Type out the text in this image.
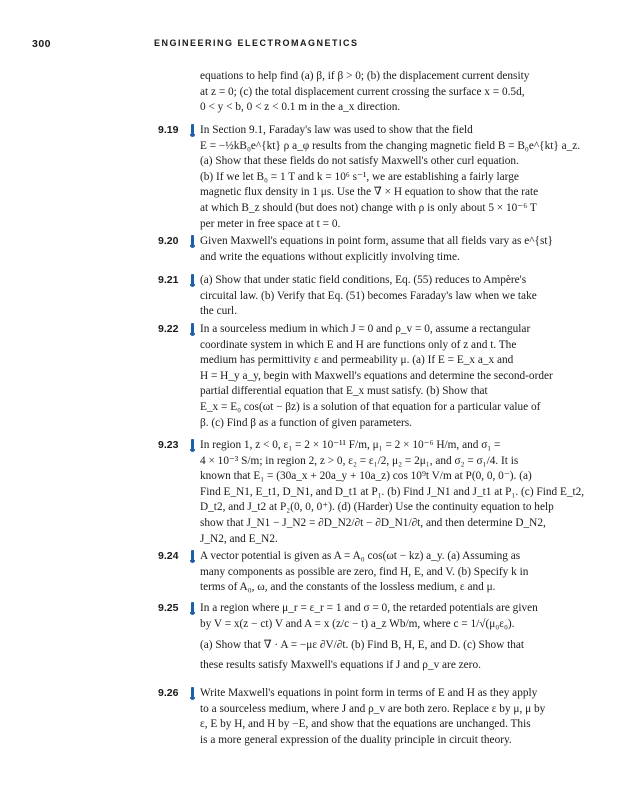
300	ENGINEERING ELECTROMAGNETICS
equations to help find (a) β, if β > 0; (b) the displacement current density
at z = 0; (c) the total displacement current crossing the surface x = 0.5d,
0 < y < b, 0 < z < 0.1 m in the a_x direction.
9.19	In Section 9.1, Faraday's law was used to show that the field
E = −½kB₀e^{kt} ρ a_φ results from the changing magnetic field B = B₀e^{kt} a_z.
(a) Show that these fields do not satisfy Maxwell's other curl equation.
(b) If we let B₀ = 1 T and k = 10⁶ s⁻¹, we are establishing a fairly large
magnetic flux density in 1 μs. Use the ∇ × H equation to show that the rate
at which B_z should (but does not) change with ρ is only about 5 × 10⁻⁶ T
per meter in free space at t = 0.
9.20	Given Maxwell's equations in point form, assume that all fields vary as e^{st}
and write the equations without explicitly involving time.
9.21	(a) Show that under static field conditions, Eq. (55) reduces to Ampère's
circuital law. (b) Verify that Eq. (51) becomes Faraday's law when we take
the curl.
9.22	In a sourceless medium in which J = 0 and ρ_v = 0, assume a rectangular
coordinate system in which E and H are functions only of z and t. The
medium has permittivity ε and permeability μ. (a) If E = E_x a_x and
H = H_y a_y, begin with Maxwell's equations and determine the second-order
partial differential equation that E_x must satisfy. (b) Show that
E_x = E₀ cos(ωt − βz) is a solution of that equation for a particular value of
β. (c) Find β as a function of given parameters.
9.23	In region 1, z < 0, ε₁ = 2 × 10⁻¹¹ F/m, μ₁ = 2 × 10⁻⁶ H/m, and σ₁ =
4 × 10⁻³ S/m; in region 2, z > 0, ε₂ = ε₁/2, μ₂ = 2μ₁, and σ₂ = σ₁/4. It is
known that E₁ = (30a_x + 20a_y + 10a_z) cos 10⁹t V/m at P(0, 0, 0⁻). (a)
Find E_N1, E_t1, D_N1, and D_t1 at P₁. (b) Find J_N1 and J_t1 at P₁. (c) Find E_t2,
D_t2, and J_t2 at P₂(0, 0, 0⁺). (d) (Harder) Use the continuity equation to help
show that J_N1 − J_N2 = ∂D_N2/∂t − ∂D_N1/∂t, and then determine D_N2,
J_N2, and E_N2.
9.24	A vector potential is given as A = A₀ cos(ωt − kz) a_y. (a) Assuming as
many components as possible are zero, find H, E, and V. (b) Specify k in
terms of A₀, ω, and the constants of the lossless medium, ε and μ.
9.25	In a region where μ_r = ε_r = 1 and σ = 0, the retarded potentials are given
by V = x(z − ct) V and A = x (z/c − t) a_z Wb/m, where c = 1/√(μ₀ε₀).
(a) Show that ∇ · A = −με ∂V/∂t. (b) Find B, H, E, and D. (c) Show that
these results satisfy Maxwell's equations if J and ρ_v are zero.
9.26	Write Maxwell's equations in point form in terms of E and H as they apply
to a sourceless medium, where J and ρ_v are both zero. Replace ε by μ, μ by
ε, E by H, and H by −E, and show that the equations are unchanged. This
is a more general expression of the duality principle in circuit theory.
